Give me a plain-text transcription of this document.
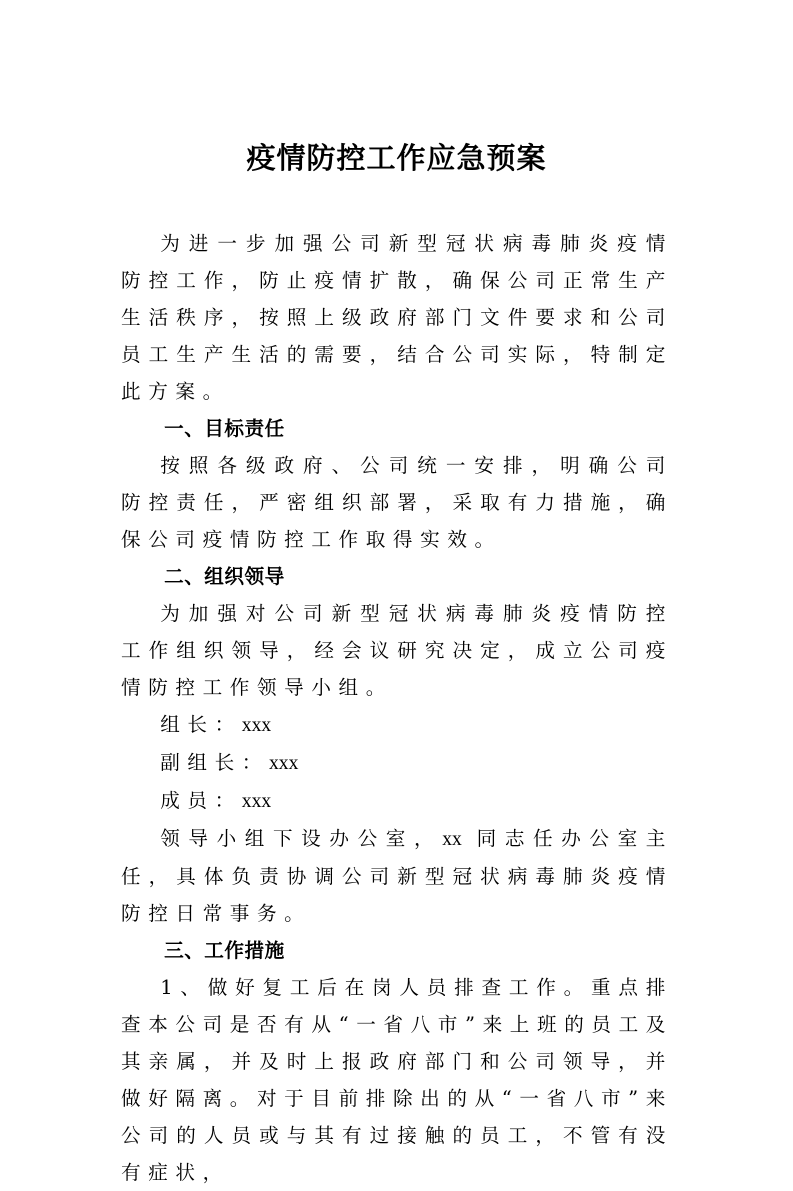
疫情防控工作应急预案

为进一步加强公司新型冠状病毒肺炎疫情防控工作，防止疫情扩散，确保公司正常生产生活秩序，按照上级政府部门文件要求和公司员工生产生活的需要，结合公司实际，特制定此方案。

一、目标责任

按照各级政府、公司统一安排，明确公司防控责任，严密组织部署，采取有力措施，确保公司疫情防控工作取得实效。

二、组织领导

为加强对公司新型冠状病毒肺炎疫情防控工作组织领导，经会议研究决定，成立公司疫情防控工作领导小组。

组长：xxx

副组长：xxx

成员：xxx

领导小组下设办公室，xx 同志任办公室主任，具体负责协调公司新型冠状病毒肺炎疫情防控日常事务。

三、工作措施

1、做好复工后在岗人员排查工作。重点排查本公司是否有从“一省八市”来上班的员工及其亲属，并及时上报政府部门和公司领导，并做好隔离。对于目前排除出的从“一省八市”来公司的人员或与其有过接触的员工，不管有没有症状，
